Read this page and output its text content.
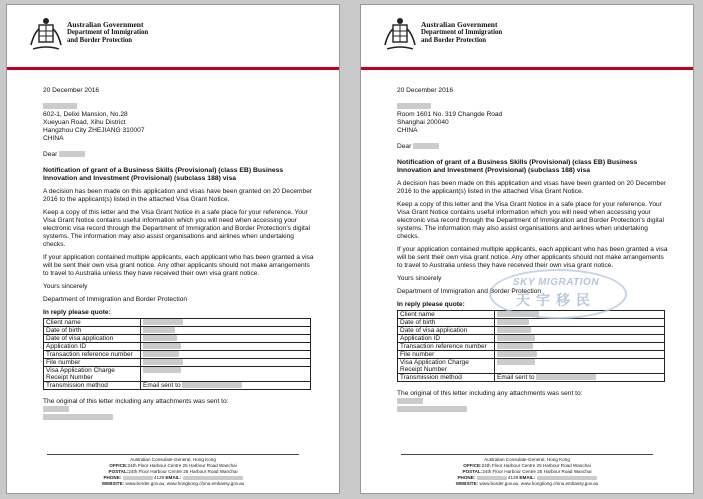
Australian Government
Department of Immigration
and Border Protection

20 December 2016

602-1, Delixi Mansion, No.28

Xueyuan Road, Xihu District

Hangzhou City ZHEJIANG 310007

CHINA

Dear

Notification of grant of a Business Skills (Provisional) (class EB) Business Innovation and Investment (Provisional) (subclass 188) visa

A decision has been made on this application and visas have been granted on 20 December 2016 to the applicant(s) listed in the attached Visa Grant Notice.

Keep a copy of this letter and the Visa Grant Notice in a safe place for your reference. Your Visa Grant Notice contains useful information which you will need when accessing your electronic visa record through the Department of Immigration and Border Protection's digital systems. The information may also assist organisations and airlines when undertaking checks.

If your application contained multiple applicants, each applicant who has been granted a visa will be sent their own visa grant notice. Any other applicants should not make arrangements to travel to Australia unless they have received their own visa grant notice.

Yours sincerely

Department of Immigration and Border Protection

In reply please quote:

Client name	
Date of birth	
Date of visa application	
Application ID	
Transaction reference number	
File number	
Visa Application Charge Receipt Number	
Transmission method	Email sent to

The original of this letter including any attachments was sent to:

Australian Consulate-General, Hong Kong
OFFICE:24th Floor Harbour Centre 25 Harbour Road Wanchai
POSTAL:24th Floor Harbour Centre 25 Harbour Road Wanchai
PHONE:	4139 EMAIL:
WEBSITE: www.border.gov.au, www.hongkong.china.embassy.gov.au
Australian Government
Department of Immigration
and Border Protection

20 December 2016

Room 1601 No. 319 Changde Road

Shanghai 200040

CHINA

Dear

Notification of grant of a Business Skills (Provisional) (class EB) Business Innovation and Investment (Provisional) (subclass 188) visa

A decision has been made on this application and visas have been granted on 20 December 2016 to the applicant(s) listed in the attached Visa Grant Notice.

Keep a copy of this letter and the Visa Grant Notice in a safe place for your reference. Your Visa Grant Notice contains useful information which you will need when accessing your electronic visa record through the Department of Immigration and Border Protection's digital systems. The information may also assist organisations and airlines when undertaking checks.

If your application contained multiple applicants, each applicant who has been granted a visa will be sent their own visa grant notice. Any other applicants should not make arrangements to travel to Australia unless they have received their own visa grant notice.

Yours sincerely

Department of Immigration and Border Protection

In reply please quote:

Client name	
Date of birth	
Date of visa application	
Application ID	
Transaction reference number	
File number	
Visa Application Charge Receipt Number	
Transmission method	Email sent to

The original of this letter including any attachments was sent to:

SKY MIGRATION
天宇移民
Australian Consulate-General, Hong Kong
OFFICE:24th Floor Harbour Centre 25 Harbour Road Wanchai
POSTAL:24th Floor Harbour Centre 25 Harbour Road Wanchai
PHONE:	4139 EMAIL:
WEBSITE: www.border.gov.au, www.hongkong.china.embassy.gov.au
